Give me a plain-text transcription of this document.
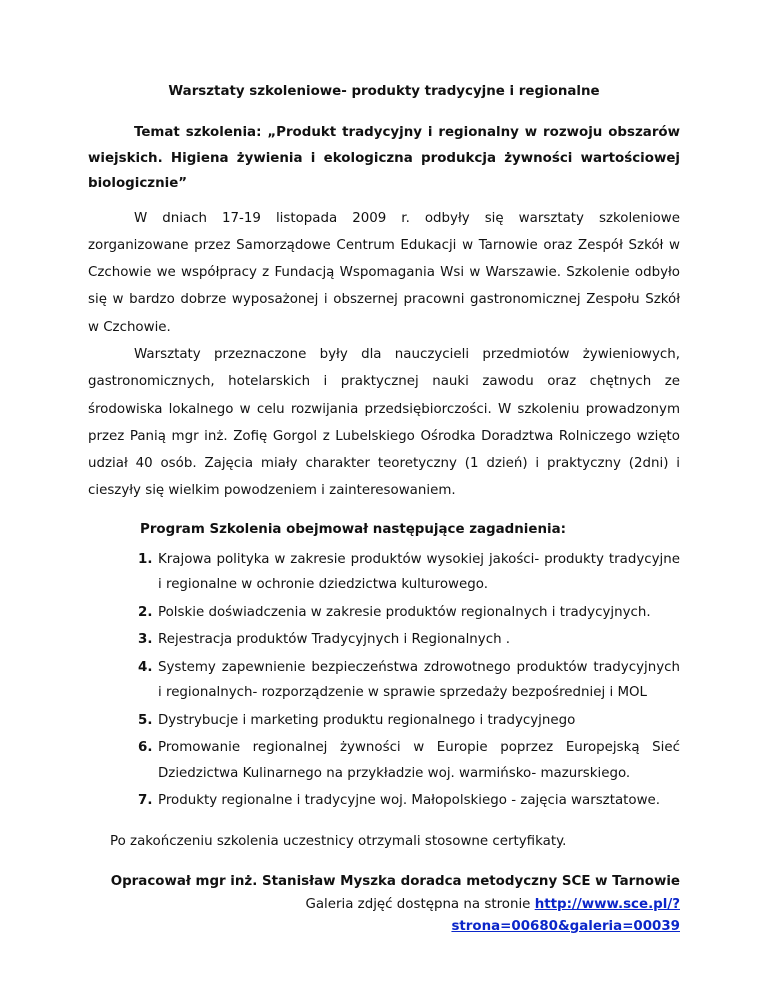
Warsztaty szkoleniowe- produkty tradycyjne i regionalne
Temat szkolenia: „Produkt tradycyjny i regionalny w rozwoju obszarów wiejskich. Higiena żywienia i ekologiczna produkcja żywności wartościowej biologicznie”

W dniach 17-19 listopada 2009 r. odbyły się warsztaty szkoleniowe zorganizowane przez Samorządowe Centrum Edukacji w Tarnowie oraz Zespół Szkół w Czchowie we współpracy z Fundacją Wspomagania Wsi w Warszawie. Szkolenie odbyło się w bardzo dobrze wyposażonej i obszernej pracowni gastronomicznej Zespołu Szkół w Czchowie.

Warsztaty przeznaczone były dla nauczycieli przedmiotów żywieniowych, gastronomicznych, hotelarskich i praktycznej nauki zawodu oraz chętnych ze środowiska lokalnego w celu rozwijania przedsiębiorczości. W szkoleniu prowadzonym przez Panią mgr inż. Zofię Gorgol z Lubelskiego Ośrodka Doradztwa Rolniczego wzięto udział 40 osób. Zajęcia miały charakter teoretyczny (1 dzień) i praktyczny (2dni) i cieszyły się wielkim powodzeniem i zainteresowaniem.

Program Szkolenia obejmował następujące zagadnienia:
1. Krajowa polityka w zakresie produktów wysokiej jakości- produkty tradycyjne i regionalne w ochronie dziedzictwa kulturowego.
2. Polskie doświadczenia w zakresie produktów regionalnych i tradycyjnych.
3. Rejestracja produktów Tradycyjnych i Regionalnych .
4. Systemy zapewnienie bezpieczeństwa zdrowotnego produktów tradycyjnych i regionalnych- rozporządzenie w sprawie sprzedaży bezpośredniej i MOL
5. Dystrybucje i marketing produktu regionalnego i tradycyjnego
6. Promowanie regionalnej żywności w Europie poprzez Europejską Sieć Dziedzictwa Kulinarnego na przykładzie woj. warmińsko- mazurskiego.
7. Produkty regionalne i tradycyjne woj. Małopolskiego - zajęcia warsztatowe.
Po zakończeniu szkolenia uczestnicy otrzymali stosowne certyfikaty.
Opracował mgr inż. Stanisław Myszka doradca metodyczny SCE w Tarnowie
Galeria zdjęć dostępna na stronie http://www.sce.pl/?strona=00680&galeria=00039
